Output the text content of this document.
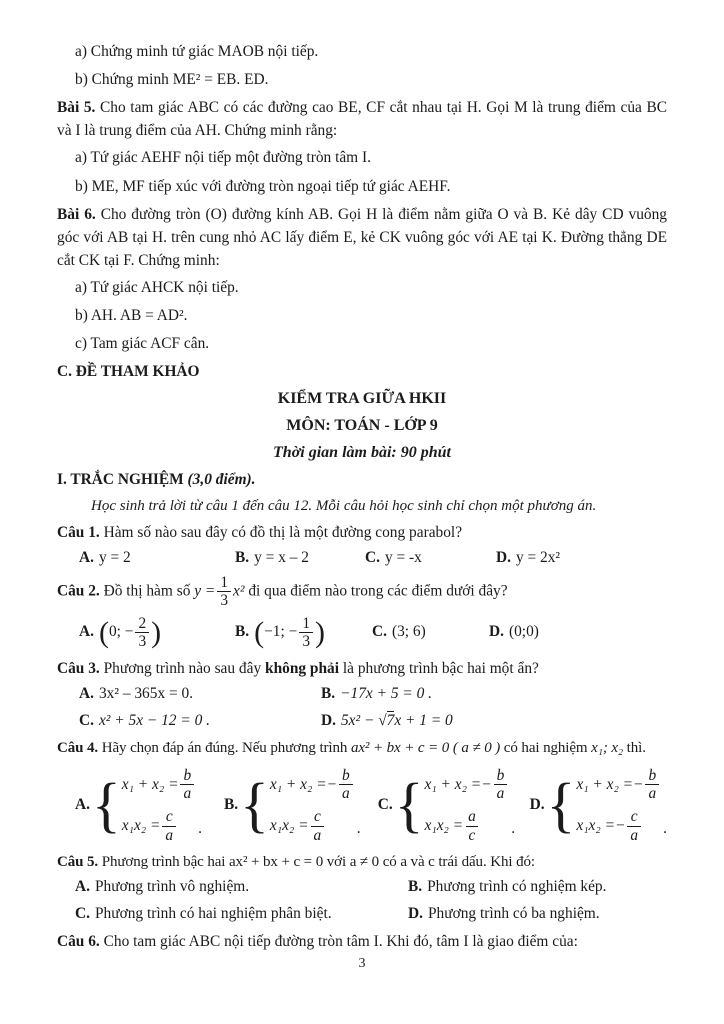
a) Chứng minh tứ giác MAOB nội tiếp.

b) Chứng minh ME² = EB. ED.

Bài 5. Cho tam giác ABC có các đường cao BE, CF cắt nhau tại H. Gọi M là trung điểm của BC và I là trung điểm của AH. Chứng minh rằng:

a) Tứ giác AEHF nội tiếp một đường tròn tâm I.

b) ME, MF tiếp xúc với đường tròn ngoại tiếp tứ giác AEHF.

Bài 6. Cho đường tròn (O) đường kính AB. Gọi H là điểm nằm giữa O và B. Kẻ dây CD vuông góc với AB tại H. trên cung nhỏ AC lấy điểm E, kẻ CK vuông góc với AE tại K. Đường thẳng DE cắt CK tại F. Chứng minh:

a) Tứ giác AHCK nội tiếp.

b) AH. AB = AD².

c) Tam giác ACF cân.

C. ĐỀ THAM KHẢO

KIỂM TRA GIỮA HKII

MÔN: TOÁN - LỚP 9

Thời gian làm bài: 90 phút

I. TRẮC NGHIỆM (3,0 điểm).

Học sinh trả lời từ câu 1 đến câu 12. Mỗi câu hỏi học sinh chỉ chọn một phương án.

Câu 1. Hàm số nào sau đây có đồ thị là một đường cong parabol?

A. y = 2	B. y = x – 2	C. y = -x	D. y = 2x²

Câu 2. Đồ thị hàm số $y = \frac{1}{3} x^2$ đi qua điểm nào trong các điểm dưới đây?

A. ( 0; − $\frac{2}{3}$ )	B. ( −1; − $\frac{1}{3}$ )	C. (3; 6)	D. (0;0)

Câu 3. Phương trình nào sau đây không phải là phương trình bậc hai một ẩn?

A. 3x² – 365x = 0.	B. −17x + 5 = 0 .
C. x² + 5x − 12 = 0 .	D. 5x² − √7x + 1 = 0

Câu 4. Hãy chọn đáp án đúng. Nếu phương trình ax² + bx + c = 0 ( a ≠ 0 ) có hai nghiệm x₁; x₂ thì.

A. { $x_1 + x_2 = \frac{b}{a}$
$x_1x_2 = \frac{c}{a}$ .
B. { x₁ + x₂ = − $\frac{b}{a}$
$x_1x_2 = \frac{c}{a}$ .
C. { x₁ + x₂ = − $\frac{b}{a}$
$x_1x_2 = \frac{a}{c}$ .
D. { x₁ + x₂ = − $\frac{b}{a}$
x₁x₂ = − $\frac{c}{a}$ .

Câu 5. Phương trình bậc hai ax² + bx + c = 0 với a ≠ 0 có a và c trái dấu. Khi đó:

A. Phương trình vô nghiệm.	B. Phương trình có nghiệm kép.
C. Phương trình có hai nghiệm phân biệt.	D. Phương trình có ba nghiệm.

Câu 6. Cho tam giác ABC nội tiếp đường tròn tâm I. Khi đó, tâm I là giao điểm của:

3
